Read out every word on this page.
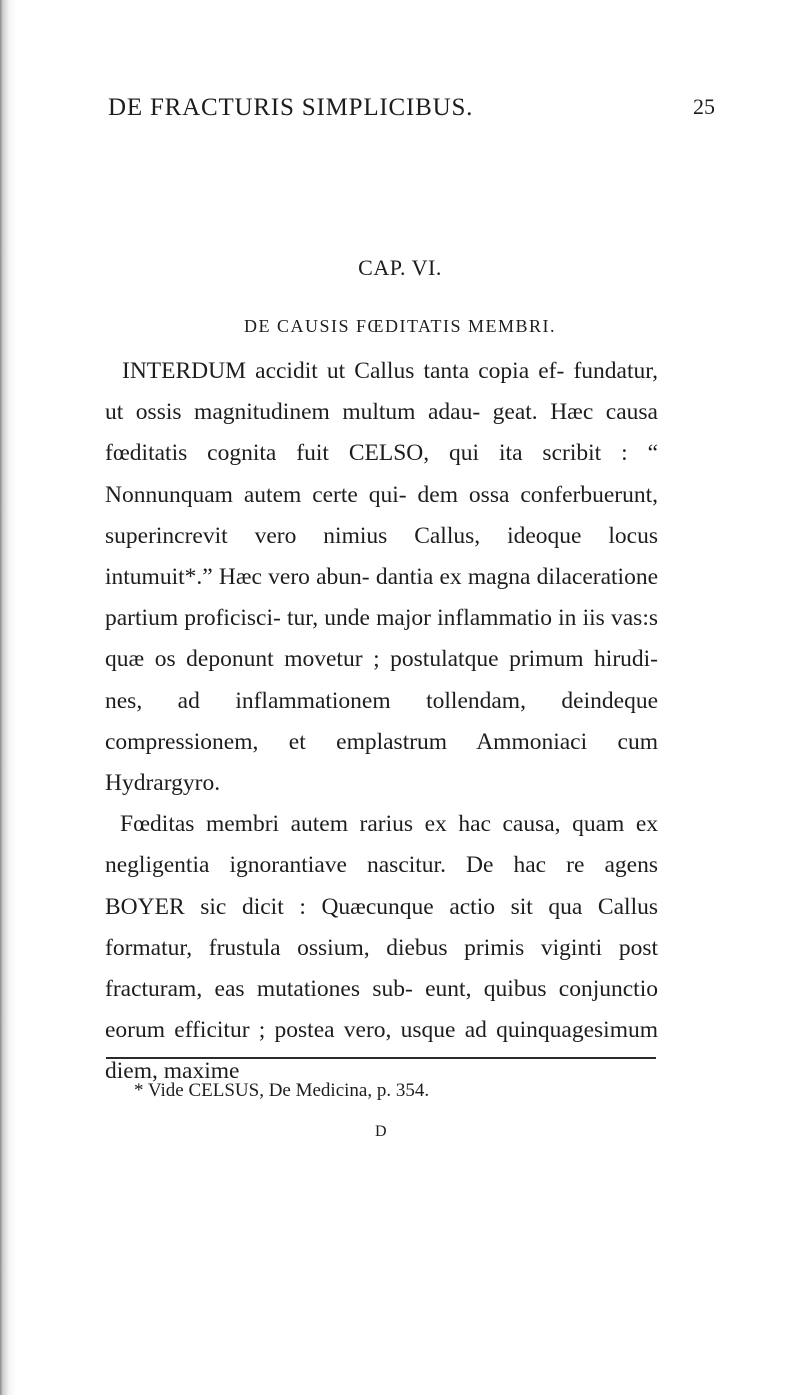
DE FRACTURIS SIMPLICIBUS.	25
CAP. VI.
DE CAUSIS FŒDITATIS MEMBRI.

INTERDUM accidit ut Callus tanta copia ef- fundatur, ut ossis magnitudinem multum adau- geat. Hæc causa fœditatis cognita fuit CELSO, qui ita scribit : “ Nonnunquam autem certe qui- dem ossa conferbuerunt, superincrevit vero nimius Callus, ideoque locus intumuit*.” Hæc vero abun- dantia ex magna dilaceratione partium proficisci- tur, unde major inflammatio in iis vas:s quæ os deponunt movetur ; postulatque primum hirudi- nes, ad inflammationem tollendam, deindeque compressionem, et emplastrum Ammoniaci cum Hydrargyro.

Fœditas membri autem rarius ex hac causa, quam ex negligentia ignorantiave nascitur. De hac re agens BOYER sic dicit : Quæcunque actio sit qua Callus formatur, frustula ossium, diebus primis viginti post fracturam, eas mutationes sub- eunt, quibus conjunctio eorum efficitur ; postea vero, usque ad quinquagesimum diem, maxime

* Vide CELSUS, De Medicina, p. 354.
D
